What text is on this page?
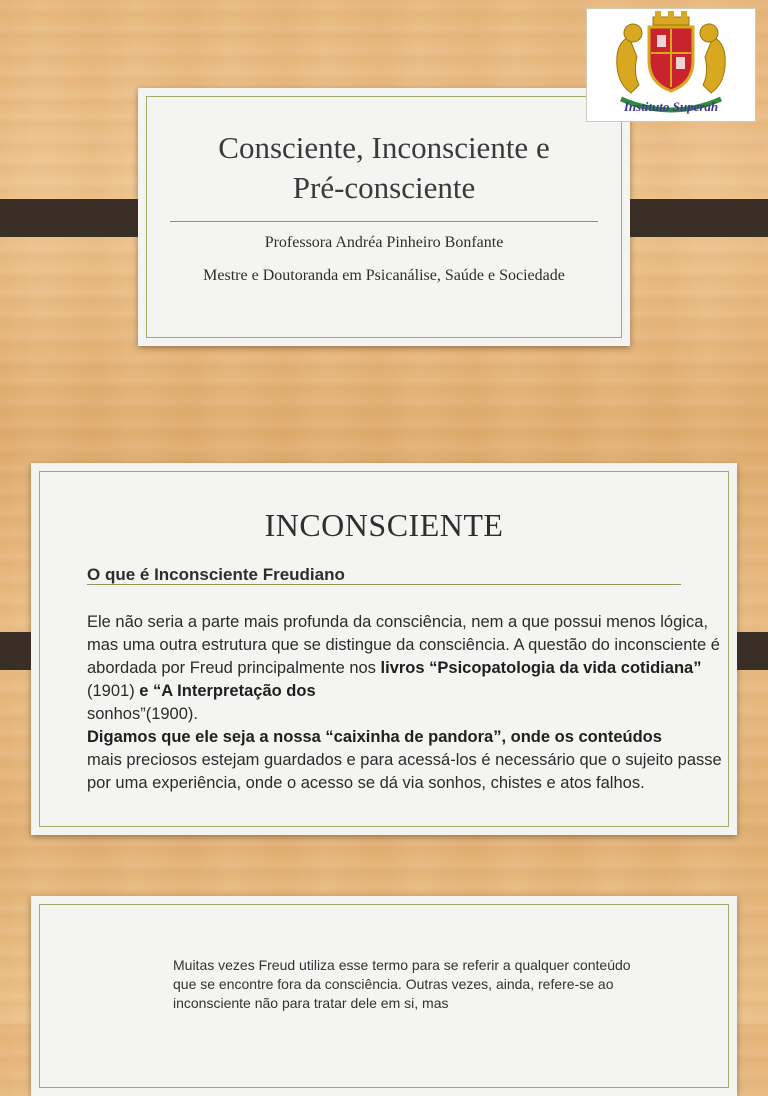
Consciente, Inconsciente e
Pré-consciente
Professora Andréa Pinheiro Bonfante
Mestre e Doutoranda em Psicanálise, Saúde e Sociedade
Instituto Superah
INCONSCIENTE
O que é Inconsciente Freudiano
Ele não seria a parte mais profunda da consciência, nem a que possui menos lógica, mas uma outra estrutura que se distingue da consciência. A questão do inconsciente é abordada por Freud principalmente nos livros “Psicopatologia da vida cotidiana” (1901) e “A Interpretação dos
sonhos”(1900).
Digamos que ele seja a nossa “caixinha de pandora”, onde os conteúdos
mais preciosos estejam guardados e para acessá-los é necessário que o sujeito passe por uma experiência, onde o acesso se dá via sonhos, chistes e atos falhos.
Muitas vezes Freud utiliza esse termo para se referir a qualquer conteúdo que se encontre fora da consciência. Outras vezes, ainda, refere-se ao inconsciente não para tratar dele em si, mas
